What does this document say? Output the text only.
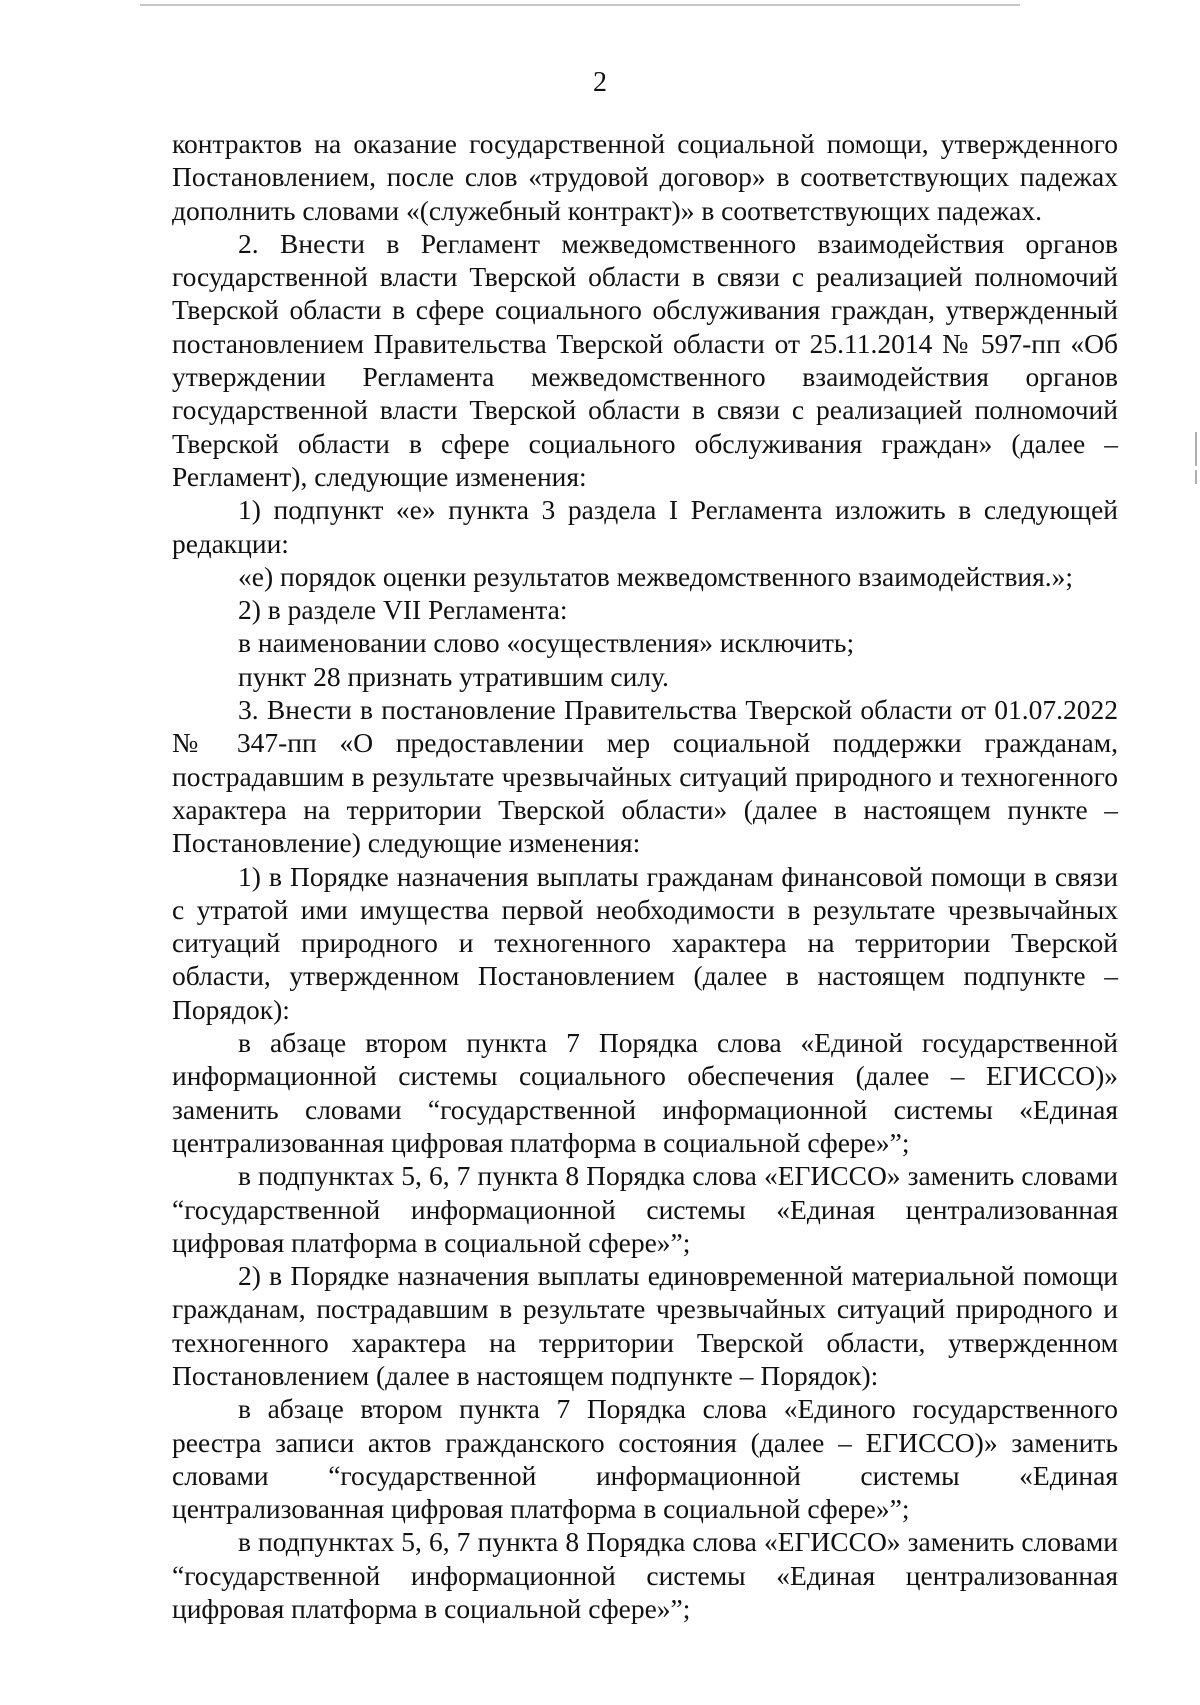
2

контрактов на оказание государственной социальной помощи, утвержденного Постановлением, после слов «трудовой договор» в соответствующих падежах дополнить словами «(служебный контракт)» в соответствующих падежах.

2. Внести в Регламент межведомственного взаимодействия органов государственной власти Тверской области в связи с реализацией полномочий Тверской области в сфере социального обслуживания граждан, утвержденный постановлением Правительства Тверской области от 25.11.2014 № 597-пп «Об утверждении Регламента межведомственного взаимодействия органов государственной власти Тверской области в связи с реализацией полномочий Тверской области в сфере социального обслуживания граждан» (далее – Регламент), следующие изменения:

1) подпункт «е» пункта 3 раздела I Регламента изложить в следующей редакции:

«е) порядок оценки результатов межведомственного взаимодействия.»;

2) в разделе VII Регламента:

в наименовании слово «осуществления» исключить;

пункт 28 признать утратившим силу.

3. Внести в постановление Правительства Тверской области от 01.07.2022 № 347-пп «О предоставлении мер социальной поддержки гражданам, пострадавшим в результате чрезвычайных ситуаций природного и техногенного характера на территории Тверской области» (далее в настоящем пункте – Постановление) следующие изменения:

1) в Порядке назначения выплаты гражданам финансовой помощи в связи с утратой ими имущества первой необходимости в результате чрезвычайных ситуаций природного и техногенного характера на территории Тверской области, утвержденном Постановлением (далее в настоящем подпункте – Порядок):

в абзаце втором пункта 7 Порядка слова «Единой государственной информационной системы социального обеспечения (далее – ЕГИССО)» заменить словами “государственной информационной системы «Единая централизованная цифровая платформа в социальной сфере»”;

в подпунктах 5, 6, 7 пункта 8 Порядка слова «ЕГИССО» заменить словами “государственной информационной системы «Единая централизованная цифровая платформа в социальной сфере»”;

2) в Порядке назначения выплаты единовременной материальной помощи гражданам, пострадавшим в результате чрезвычайных ситуаций природного и техногенного характера на территории Тверской области, утвержденном Постановлением (далее в настоящем подпункте – Порядок):

в абзаце втором пункта 7 Порядка слова «Единого государственного реестра записи актов гражданского состояния (далее – ЕГИССО)» заменить словами “государственной информационной системы «Единая централизованная цифровая платформа в социальной сфере»”;

в подпунктах 5, 6, 7 пункта 8 Порядка слова «ЕГИССО» заменить словами “государственной информационной системы «Единая централизованная цифровая платформа в социальной сфере»”;
